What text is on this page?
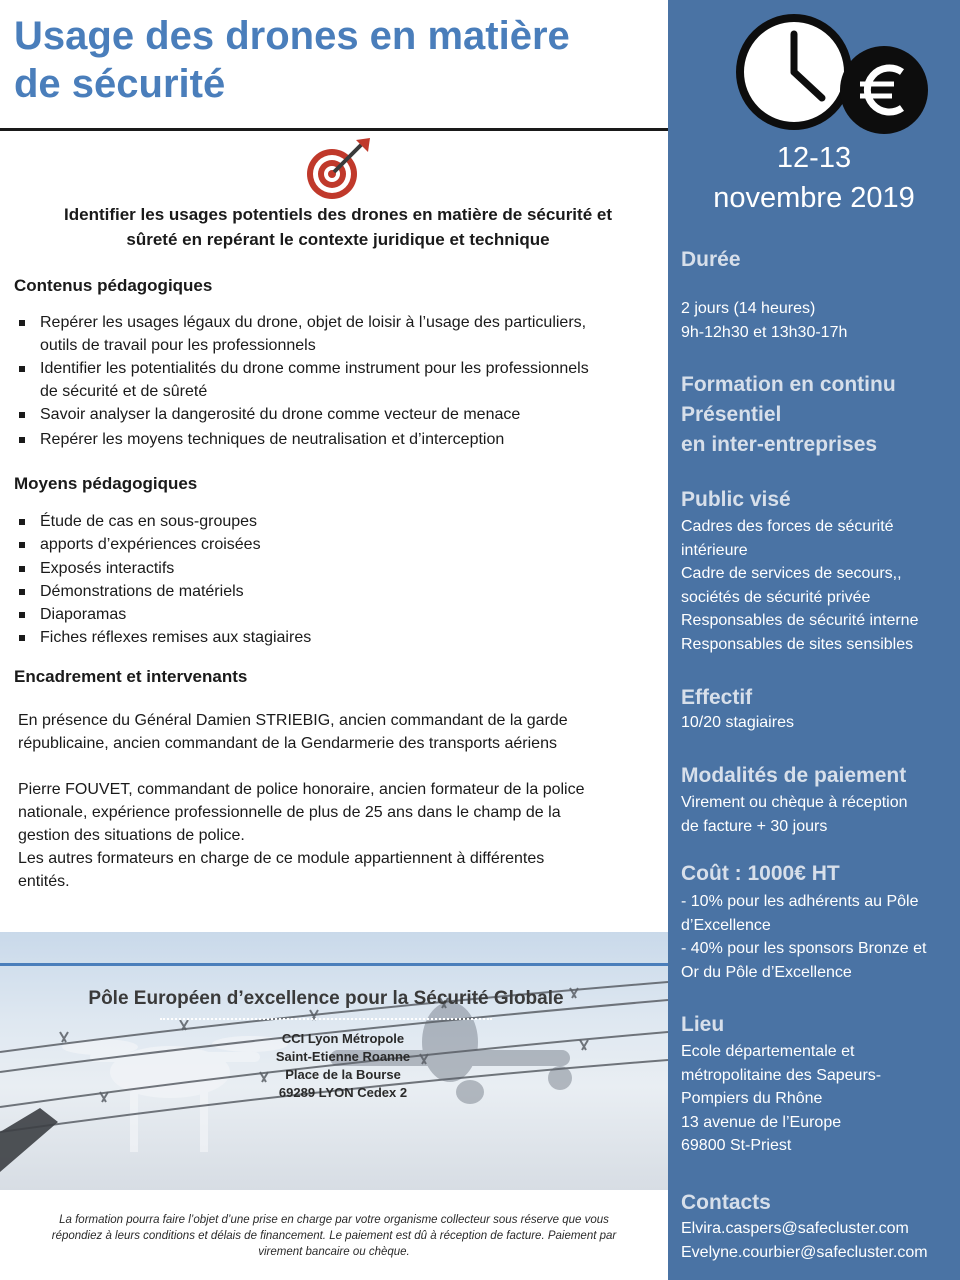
Usage des drones en matière
de sécurité
Identifier les usages potentiels des drones en matière de sécurité et
sûreté en repérant le contexte juridique et technique
Contenus pédagogiques
Repérer les usages légaux du drone, objet de loisir à l’usage des particuliers,
outils de travail pour les professionnels
Identifier les potentialités du drone comme instrument pour les professionnels
de sécurité et de sûreté
Savoir analyser la dangerosité du drone comme vecteur de menace
Repérer les moyens techniques de neutralisation et d’interception
Moyens pédagogiques
Étude de cas en sous-groupes
apports d’expériences croisées
Exposés interactifs
Démonstrations de matériels
Diaporamas
Fiches réflexes remises aux stagiaires
Encadrement et intervenants
En présence du Général Damien STRIEBIG, ancien commandant de la garde
républicaine, ancien commandant de la Gendarmerie des transports aériens
Pierre FOUVET, commandant de police honoraire, ancien formateur de la police
nationale, expérience professionnelle de plus de 25 ans dans le champ de la
gestion des situations de police.
Les autres formateurs en charge de ce module appartiennent à différentes
entités.
Pôle Européen d’excellence pour la Sécurité Globale
CCI Lyon Métropole
Saint-Etienne Roanne
Place de la Bourse
69289 LYON Cedex 2
La formation pourra faire l’objet d’une prise en charge par votre organisme collecteur sous réserve que vous
répondiez à leurs conditions et délais de financement. Le paiement est dû à réception de facture. Paiement par
virement bancaire ou chèque.
12-13
novembre 2019
Durée
2 jours (14 heures)
9h-12h30 et 13h30-17h
Formation en continu
Présentiel
en inter-entreprises
Public visé
Cadres des forces de sécurité
intérieure
Cadre de services de secours,,
sociétés de sécurité privée
Responsables de sécurité interne
Responsables de sites sensibles
Effectif
10/20 stagiaires
Modalités de paiement
Virement ou chèque à réception
de facture + 30 jours
Coût : 1000€ HT
- 10% pour les adhérents au Pôle
d’Excellence
- 40% pour les sponsors Bronze et
Or du Pôle d’Excellence
Lieu
Ecole départementale et
métropolitaine des Sapeurs-
Pompiers du Rhône
13 avenue de l’Europe
69800 St-Priest
Contacts
Elvira.caspers@safecluster.com
Evelyne.courbier@safecluster.com
